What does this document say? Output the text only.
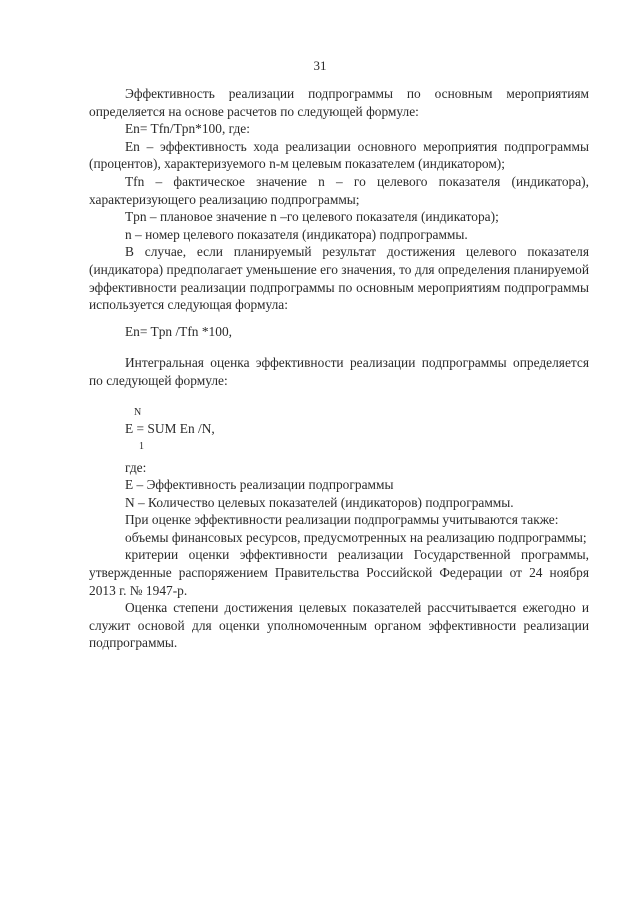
31

Эффективность реализации подпрограммы по основным мероприятиям определяется на основе расчетов по следующей формуле:

Еn= Tfn/Tpn*100, где:

Еn – эффективность хода реализации основного мероприятия подпрограммы (процентов), характеризуемого n-м целевым показателем (индикатором);

Tfn – фактическое значение n – го целевого показателя (индикатора), характеризующего реализацию подпрограммы;

Tpn – плановое значение n –го целевого показателя (индикатора);

n – номер целевого показателя (индикатора) подпрограммы.

В случае, если планируемый результат достижения целевого показателя (индикатора) предполагает уменьшение его значения, то для определения планируемой эффективности реализации подпрограммы по основным мероприятиям подпрограммы используется следующая формула:

Еn= Tpn /Tfn *100,

Интегральная оценка эффективности реализации подпрограммы определяется по следующей формуле:

N
E = SUM En /N,
1

где:

Е – Эффективность реализации подпрограммы

N – Количество целевых показателей (индикаторов) подпрограммы.

При оценке эффективности реализации подпрограммы учитываются также:

объемы финансовых ресурсов, предусмотренных на реализацию подпрограммы;

критерии оценки эффективности реализации Государственной программы, утвержденные распоряжением Правительства Российской Федерации от 24 ноября 2013 г. № 1947-р.

Оценка степени достижения целевых показателей рассчитывается ежегодно и служит основой для оценки уполномоченным органом эффективности реализации подпрограммы.
